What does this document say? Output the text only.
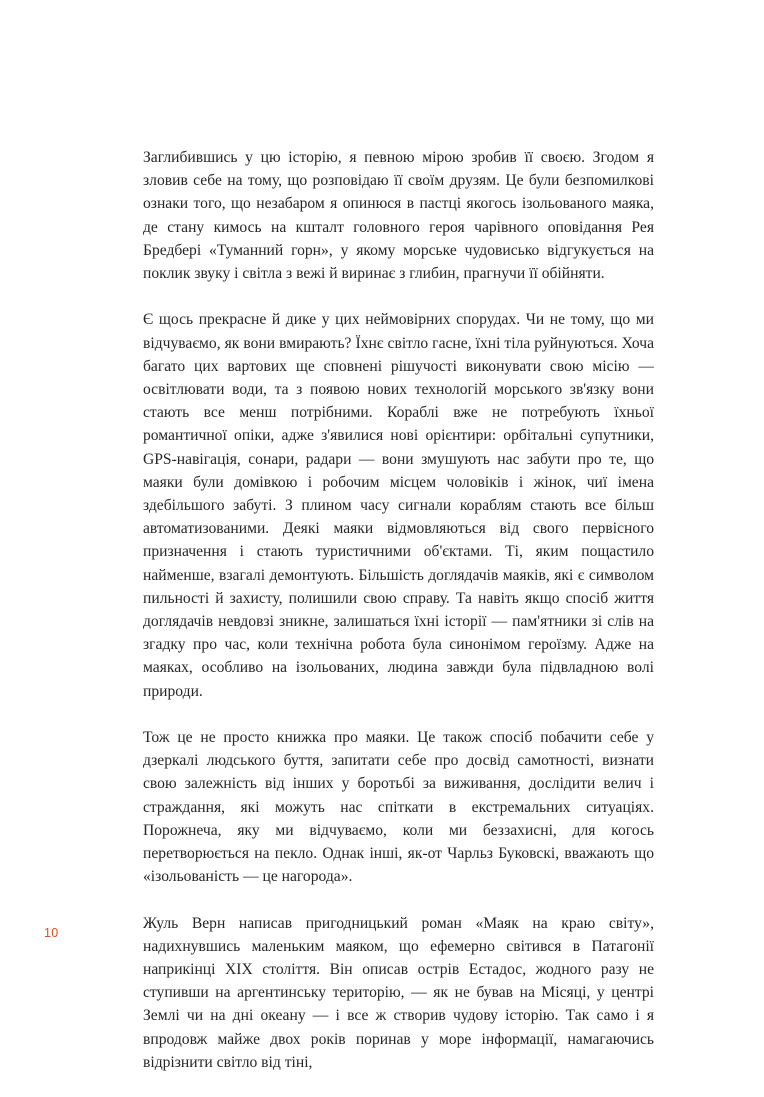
Заглибившись у цю історію, я певною мірою зробив її своєю. Згодом я зловив себе на тому, що розповідаю її своїм друзям. Це були безпомилкові ознаки того, що незабаром я опинюся в пастці якогось ізольованого маяка, де стану кимось на кшталт головного героя чарівного оповідання Рея Бредбері «Туманний горн», у якому морське чудовисько відгукується на поклик звуку і світла з вежі й виринає з глибин, прагнучи її обійняти.

Є щось прекрасне й дике у цих неймовірних спорудах. Чи не тому, що ми відчуваємо, як вони вмирають? Їхнє світло гасне, їхні тіла руйнуються. Хоча багато цих вартових ще сповнені рішучості виконувати свою місію — освітлювати води, та з появою нових технологій морського зв'язку вони стають все менш потрібними. Кораблі вже не потребують їхньої романтичної опіки, адже з'явилися нові орієнтири: орбітальні супутники, GPS-навігація, сонари, радари — вони змушують нас забути про те, що маяки були домівкою і робочим місцем чоловіків і жінок, чиї імена здебільшого забуті. З плином часу сигнали кораблям стають все більш автоматизованими. Деякі маяки відмовляються від свого первісного призначення і стають туристичними об'єктами. Ті, яким пощастило найменше, взагалі демонтують. Більшість доглядачів маяків, які є символом пильності й захисту, полишили свою справу. Та навіть якщо спосіб життя доглядачів невдовзі зникне, залишаться їхні історії — пам'ятники зі слів на згадку про час, коли технічна робота була синонімом героїзму. Адже на маяках, особливо на ізольованих, людина завжди була підвладною волі природи.

Тож це не просто книжка про маяки. Це також спосіб побачити себе у дзеркалі людського буття, запитати себе про досвід самотності, визнати свою залежність від інших у боротьбі за виживання, дослідити велич і страждання, які можуть нас спіткати в екстремальних ситуаціях. Порожнеча, яку ми відчуваємо, коли ми беззахисні, для когось перетворюється на пекло. Однак інші, як-от Чарльз Буковскі, вважають що «ізольованість — це нагорода».

Жуль Верн написав пригодницький роман «Маяк на краю світу», надихнувшись маленьким маяком, що ефемерно світився в Патагонії наприкінці XIX століття. Він описав острів Естадос, жодного разу не ступивши на аргентинську територію, — як не бував на Місяці, у центрі Землі чи на дні океану — і все ж створив чудову історію. Так само і я впродовж майже двох років поринав у море інформації, намагаючись відрізнити світло від тіні,

10
